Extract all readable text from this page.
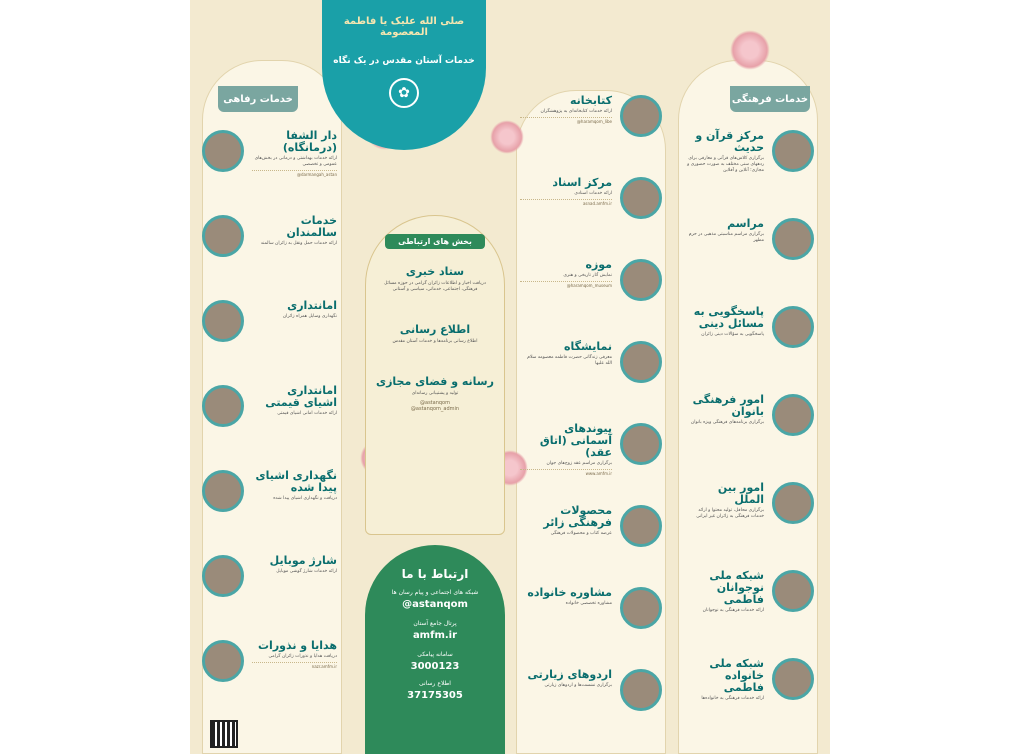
صلی الله علیک یا فاطمة المعصومة
خدمات آستان مقدس در یک نگاه
✿
خدمات رفاهی	خدمات فرهنگی
دار الشفا (درمانگاه)
ارائه خدمات بهداشتی و درمانی در بخش‌های عمومی و تخصصی
@darmangah_astan
خدمات سالمندان
ارائه خدمات حمل ونقل به زائران سالمند
امانتداری
نگهداری وسایل همراه زائران
امانتداری اشیای قیمتی
ارائه خدمات امانی اشیای قیمتی
نگهداری اشیای پیدا شده
دریافت و نگهداری اشیای پیدا شده
شارژ موبایل
ارائه خدمات شارژ گوشی موبایل
هدایا و نذورات
دریافت هدایا و نذورات زائران گرامی
nazr.amfm.ir
بخش های ارتباطی
ستاد خبری
دریافت اخبار و اطلاعات زائران گرامی در حوزه مسائل فرهنگی، اجتماعی، خدماتی، سیاسی و آستانی
اطلاع رسانی
اطلاع رسانی برنامه‌ها و خدمات آستان مقدس
رسانه و فضای مجازی
تولید و پشتیبانی رسانه‌ای
@astanqom
@astanqom_admin
ارتباط با ما
شبکه های اجتماعی و پیام رسان ها
@astanqom
پرتال جامع آستان
amfm.ir
سامانه پیامکی
3000123
اطلاع رسانی
37175305
کتابخانه
ارائه خدمات کتابخانه‌ای به پژوهشگران
@haramqom_libe
مرکز اسناد
ارائه خدمات اسنادی
asnad.amfm.ir
موزه
نمایش آثار تاریخی و هنری
@haramqom_museum
نمایشگاه
معرفی زندگانی حضرت فاطمه معصومه سلام الله علیها
پیوندهای آسمانی (اتاق عقد)
برگزاری مراسم عقد زوج‌های جوان
www.amfm.ir
محصولات فرهنگی زائر
عرضه کتاب و محصولات فرهنگی
مشاوره خانواده
مشاوره تخصصی خانواده
اردوهای زیارتی
برگزاری نشست‌ها و اردوهای زیارتی
مرکز قرآن و حدیث
برگزاری کلاس‌های قرآنی و معارفی برای ردههای سنی مختلف به صورت حضوری و مجازی؛ آنلاین و آفلاین
مراسم
برگزاری مراسم مناسبتی مذهبی در حرم مطهر
پاسخگویی به مسائل دینی
پاسخگویی به سؤالات دینی زائران
امور فرهنگی بانوان
برگزاری برنامه‌های فرهنگی ویژه بانوان
امور بین الملل
برگزاری محافل، تولید محتوا و ارائه خدمات فرهنگی به زائران غیر ایرانی
شبکه ملی نوجوانان فاطمی
ارائه خدمات فرهنگی به نوجوانان
شبکه ملی خانواده فاطمی
ارائه خدمات فرهنگی به خانواده‌ها
